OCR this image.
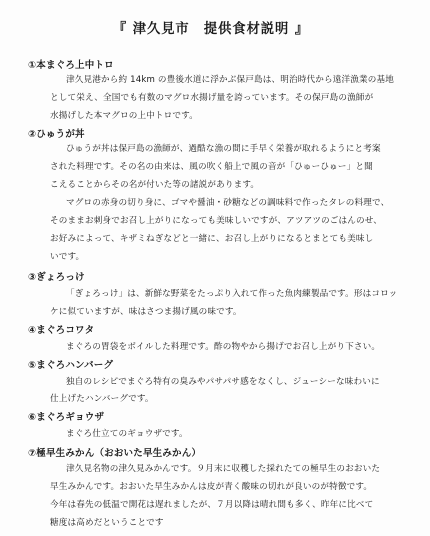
『 津久見市　提供食材説明 』
①本まぐろ上中トロ
津久見港から約 14km の豊後水道に浮かぶ保戸島は、明治時代から遠洋漁業の基地
として栄え、全国でも有数のマグロ水揚げ量を誇っています。その保戸島の漁師が
水揚げした本マグロの上中トロです。
②ひゅうが丼
ひゅうが丼は保戸島の漁師が、過酷な漁の間に手早く栄養が取れるようにと考案
された料理です。その名の由来は、風の吹く船上で風の音が「ひゅーひゅー」と聞
こえることからその名が付いた等の諸説があります。
マグロの赤身の切り身に、ゴマや醤油・砂糖などの調味料で作ったタレの料理で、
そのままお刺身でお召し上がりになっても美味しいですが、アツアツのごはんのせ、
お好みによって、キザミねぎなどと一緒に、お召し上がりになるとまとても美味し
いです。
③ぎょろっけ
「ぎょろっけ」は、新鮮な野菜をたっぷり入れて作った魚肉練製品です。形はコロッ
ケに似ていますが、味はさつま揚げ風の味です。
④まぐろコワタ
まぐろの胃袋をボイルした料理です。酢の物やから揚げでお召し上がり下さい。
⑤まぐろハンバーグ
独自のレシピでまぐろ特有の臭みやパサパサ感をなくし、ジューシーな味わいに
仕上げたハンバーグです。
⑥まぐろギョウザ
まぐろ仕立てのギョウザです。
⑦極早生みかん（おおいた早生みかん）
津久見名物の津久見みかんです。９月末に収穫した採れたての極早生のおおいた
早生みかんです。おおいた早生みかんは皮が青く酸味の切れが良いのが特徴です。
今年は春先の低温で開花は遅れましたが、７月以降は晴れ間も多く、昨年に比べて
糖度は高めだということです
